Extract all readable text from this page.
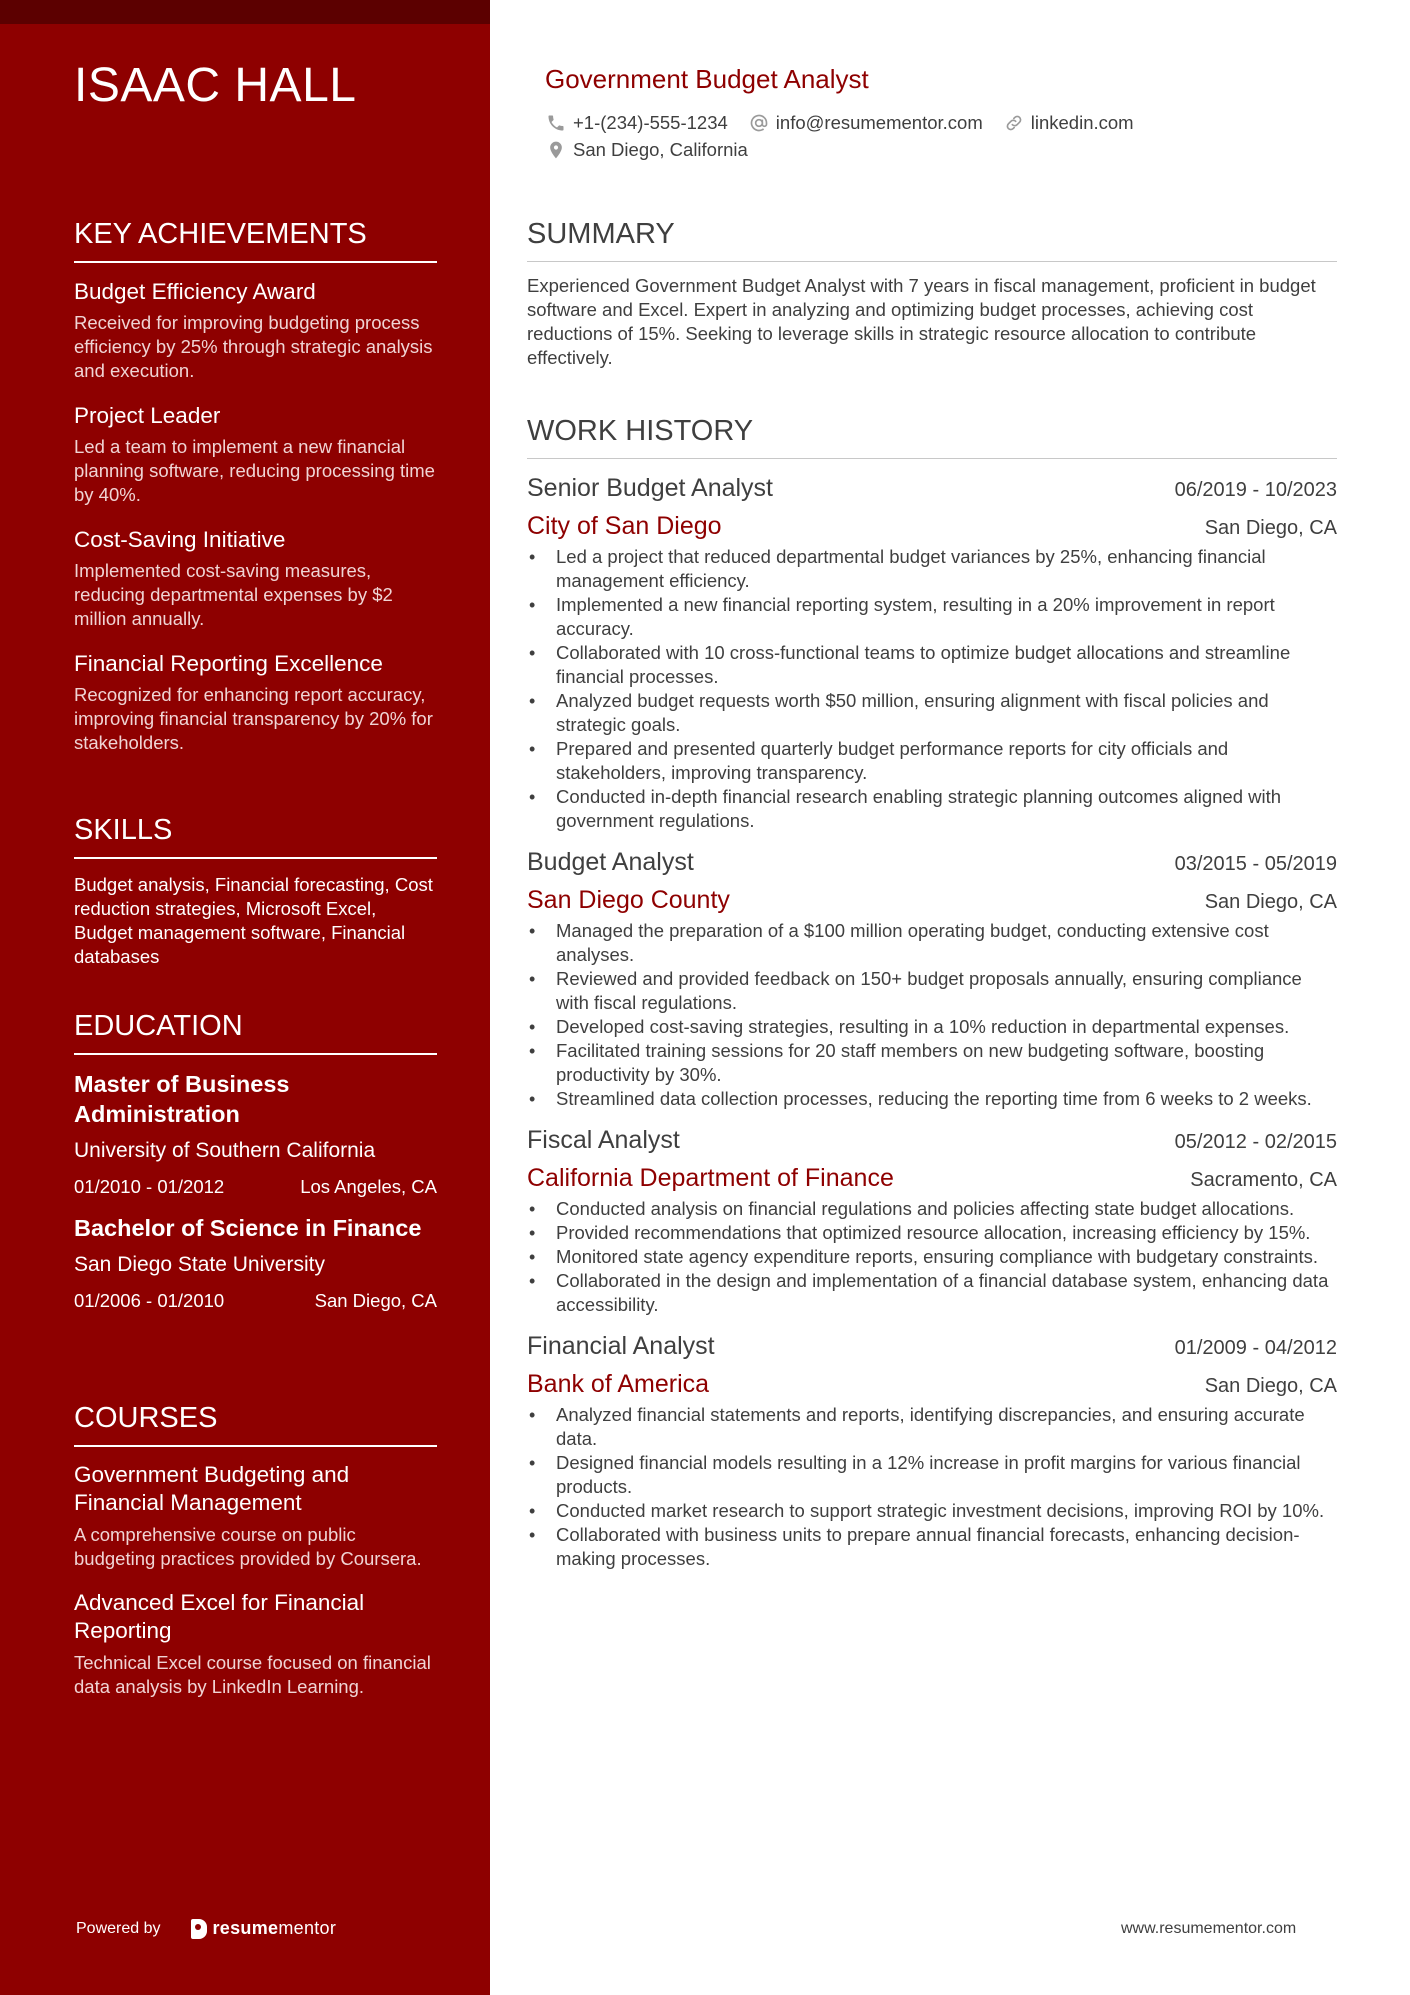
ISAAC HALL
KEY ACHIEVEMENTS
Budget Efficiency Award
Received for improving budgeting process efficiency by 25% through strategic analysis and execution.
Project Leader
Led a team to implement a new financial planning software, reducing processing time by 40%.
Cost-Saving Initiative
Implemented cost-saving measures, reducing departmental expenses by $2 million annually.
Financial Reporting Excellence
Recognized for enhancing report accuracy, improving financial transparency by 20% for stakeholders.
SKILLS
Budget analysis, Financial forecasting, Cost reduction strategies, Microsoft Excel, Budget management software, Financial databases
EDUCATION
Master of Business Administration
University of Southern California
01/2010 - 01/2012	Los Angeles, CA
Bachelor of Science in Finance
San Diego State University
01/2006 - 01/2010	San Diego, CA
COURSES
Government Budgeting and Financial Management
A comprehensive course on public budgeting practices provided by Coursera.
Advanced Excel for Financial Reporting
Technical Excel course focused on financial data analysis by LinkedIn Learning.
Powered by	resume mentor
Government Budget Analyst
+1-(234)-555-1234	info@resumementor.com	linkedin.com
San Diego, California
SUMMARY
Experienced Government Budget Analyst with 7 years in fiscal management, proficient in budget software and Excel. Expert in analyzing and optimizing budget processes, achieving cost reductions of 15%. Seeking to leverage skills in strategic resource allocation to contribute effectively.
WORK HISTORY
Senior Budget Analyst	06/2019 - 10/2023
City of San Diego	San Diego, CA
• Led a project that reduced departmental budget variances by 25%, enhancing financial management efficiency.
• Implemented a new financial reporting system, resulting in a 20% improvement in report accuracy.
• Collaborated with 10 cross-functional teams to optimize budget allocations and streamline financial processes.
• Analyzed budget requests worth $50 million, ensuring alignment with fiscal policies and strategic goals.
• Prepared and presented quarterly budget performance reports for city officials and stakeholders, improving transparency.
• Conducted in-depth financial research enabling strategic planning outcomes aligned with government regulations.
Budget Analyst	03/2015 - 05/2019
San Diego County	San Diego, CA
• Managed the preparation of a $100 million operating budget, conducting extensive cost analyses.
• Reviewed and provided feedback on 150+ budget proposals annually, ensuring compliance with fiscal regulations.
• Developed cost-saving strategies, resulting in a 10% reduction in departmental expenses.
• Facilitated training sessions for 20 staff members on new budgeting software, boosting productivity by 30%.
• Streamlined data collection processes, reducing the reporting time from 6 weeks to 2 weeks.
Fiscal Analyst	05/2012 - 02/2015
California Department of Finance	Sacramento, CA
• Conducted analysis on financial regulations and policies affecting state budget allocations.
• Provided recommendations that optimized resource allocation, increasing efficiency by 15%.
• Monitored state agency expenditure reports, ensuring compliance with budgetary constraints.
• Collaborated in the design and implementation of a financial database system, enhancing data accessibility.
Financial Analyst	01/2009 - 04/2012
Bank of America	San Diego, CA
• Analyzed financial statements and reports, identifying discrepancies, and ensuring accurate data.
• Designed financial models resulting in a 12% increase in profit margins for various financial products.
• Conducted market research to support strategic investment decisions, improving ROI by 10%.
• Collaborated with business units to prepare annual financial forecasts, enhancing decision-making processes.
www.resumementor.com
